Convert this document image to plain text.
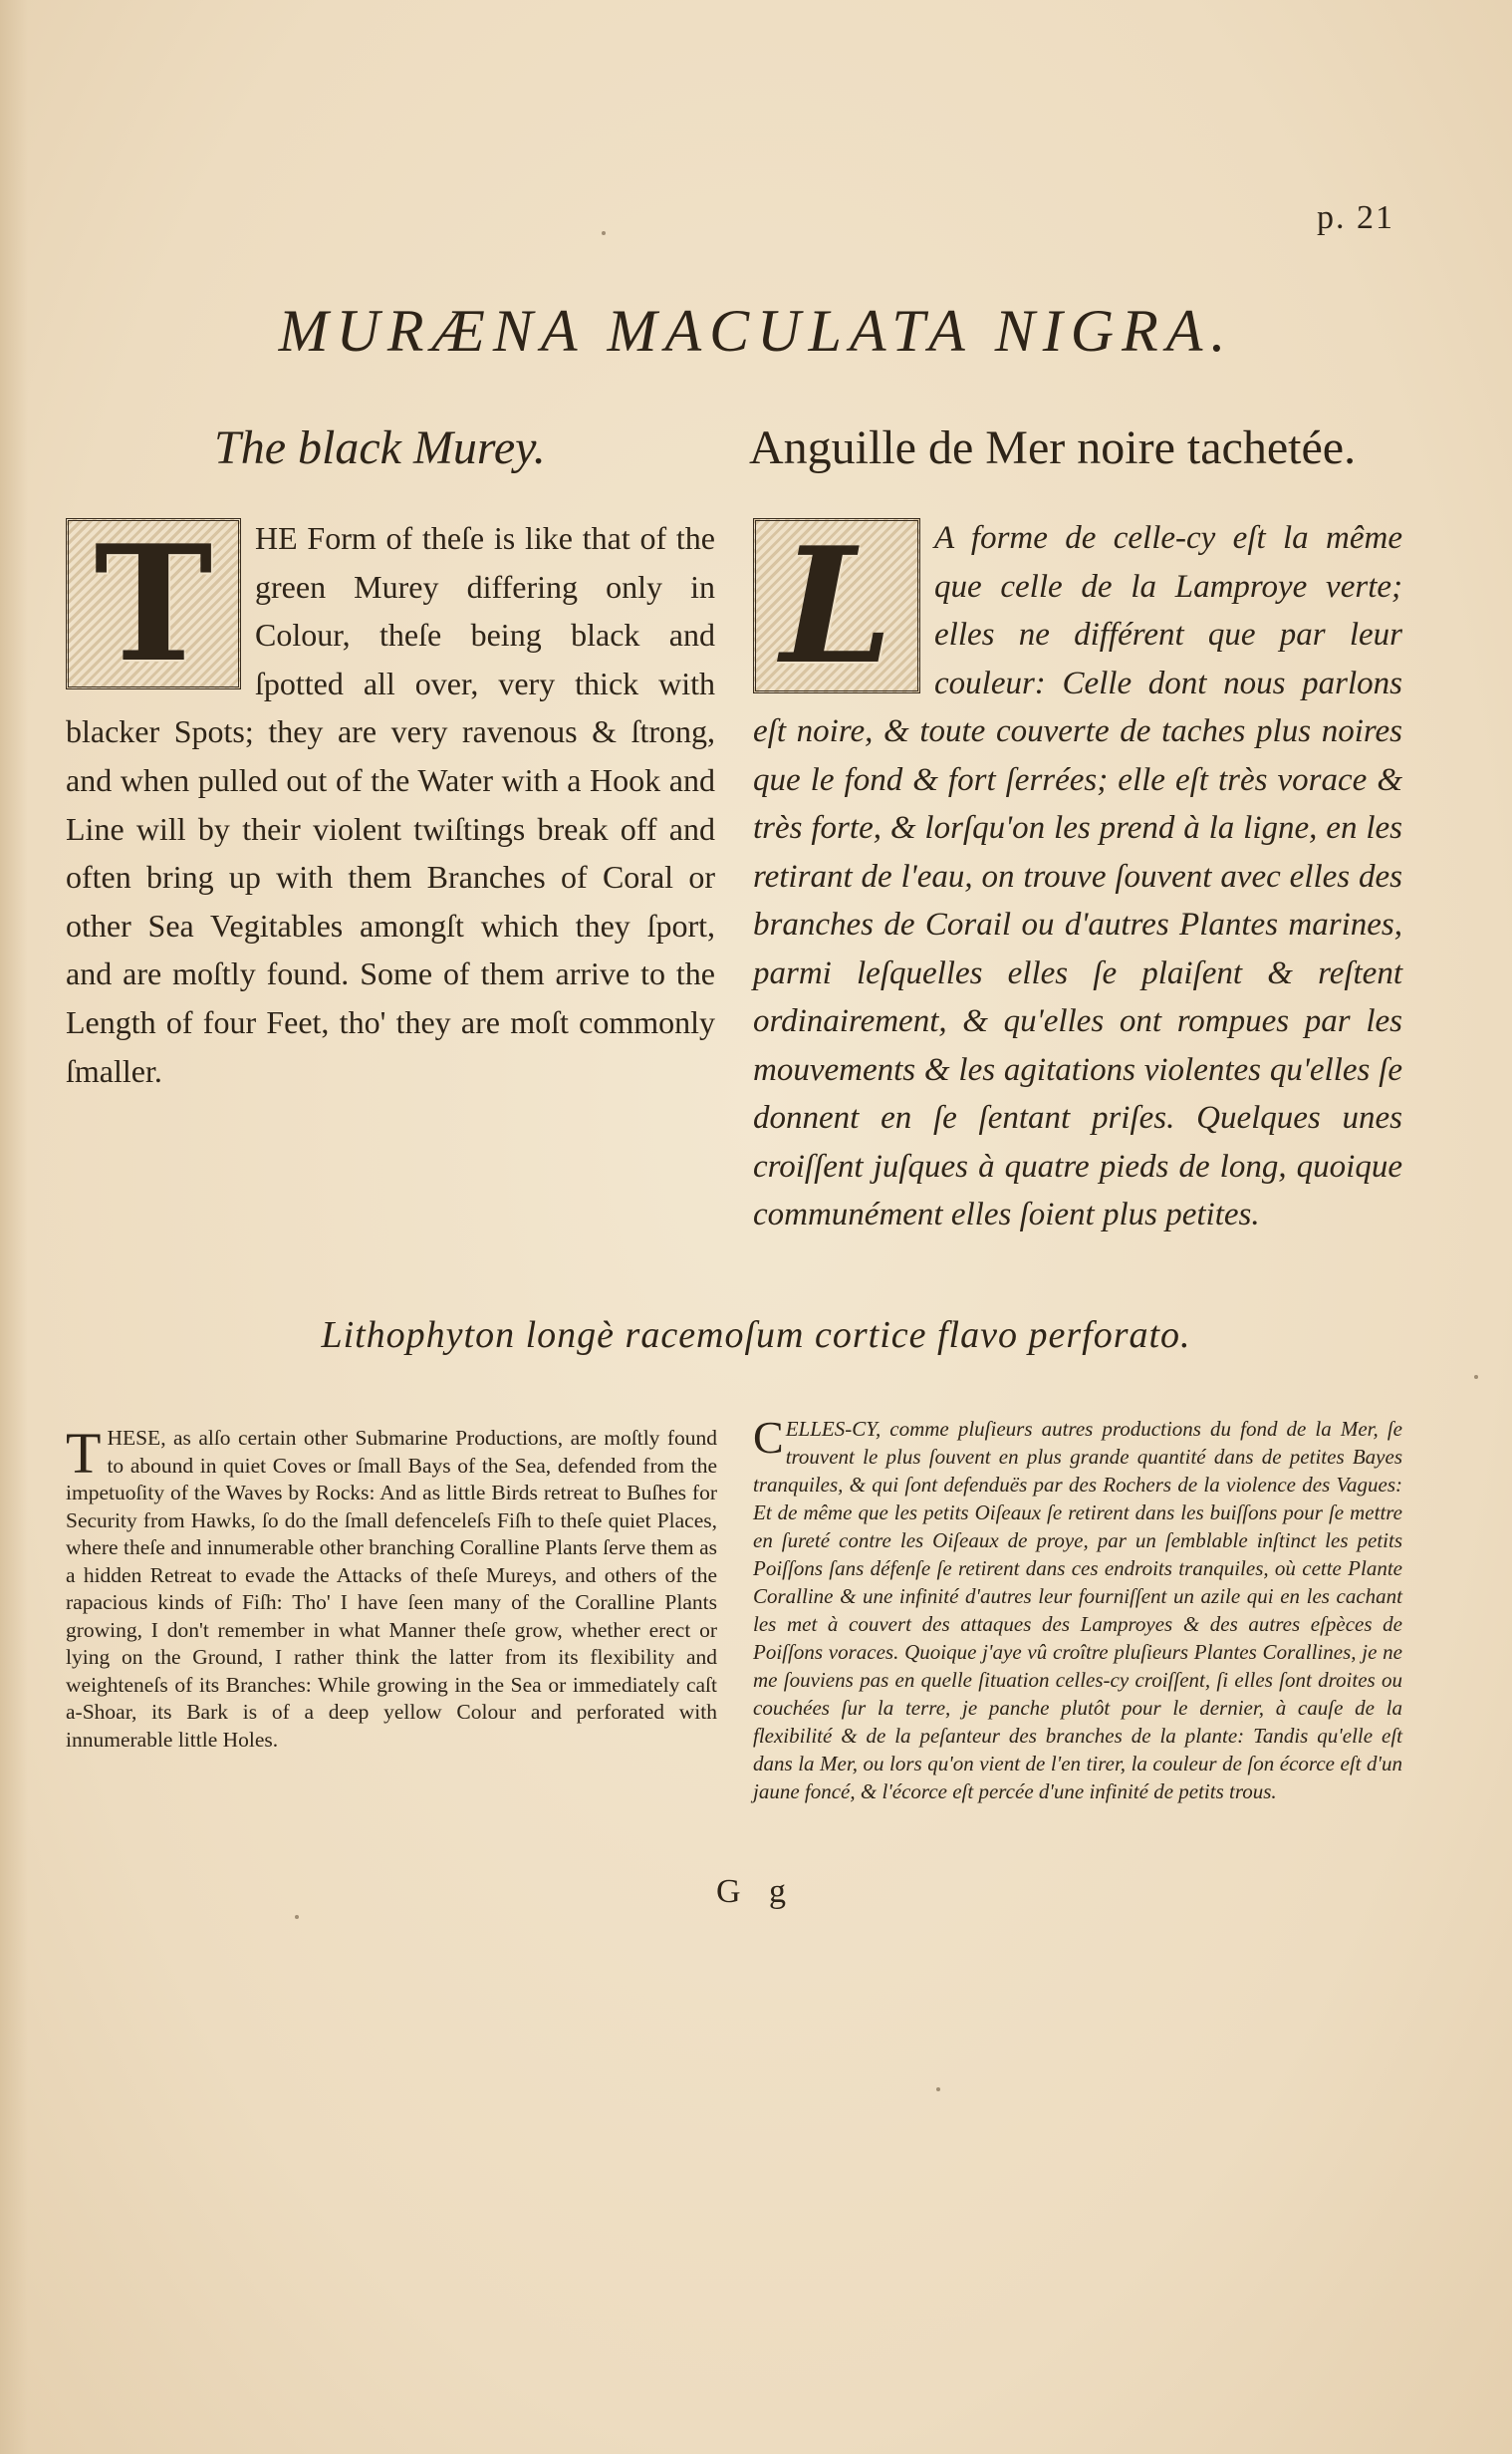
p. 21
MURÆNA MACULATA NIGRA.
The black Murey.	Anguille de Mer noire tachetée.
T	HE Form of theſe is like that of the green Murey differing only in Colour, theſe being black and ſpotted all over, very thick with blacker Spots; they are very ravenous & ſtrong, and when pulled out of the Water with a Hook and Line will by their violent twiſtings break off and often bring up with them Branches of Coral or other Sea Vegitables amongſt which they ſport, and are moſtly found. Some of them arrive to the Length of four Feet, tho' they are moſt commonly ſmaller.
L	A forme de celle-cy eſt la même que celle de la Lamproye verte; elles ne différent que par leur couleur: Celle dont nous parlons eſt noire, & toute couverte de taches plus noires que le fond & fort ſerrées; elle eſt très vorace & très forte, & lorſqu'on les prend à la ligne, en les retirant de l'eau, on trouve ſouvent avec elles des branches de Corail ou d'autres Plantes marines, parmi leſquelles elles ſe plaiſent & reſtent ordinairement, & qu'elles ont rompues par les mouvements & les agitations violentes qu'elles ſe donnent en ſe ſentant priſes. Quelques unes croiſſent juſques à quatre pieds de long, quoique communément elles ſoient plus petites.
Lithophyton longè racemoſum cortice flavo perforato.
T HESE, as alſo certain other Submarine Productions, are moſtly found to abound in quiet Coves or ſmall Bays of the Sea, defended from the impetuoſity of the Waves by Rocks: And as little Birds retreat to Buſhes for Security from Hawks, ſo do the ſmall defenceleſs Fiſh to theſe quiet Places, where theſe and innumerable other branching Coralline Plants ſerve them as a hidden Retreat to evade the Attacks of theſe Mureys, and others of the rapacious kinds of Fiſh: Tho' I have ſeen many of the Coralline Plants growing, I don't remember in what Manner theſe grow, whether erect or lying on the Ground, I rather think the latter from its flexibility and weighteneſs of its Branches: While growing in the Sea or immediately caſt a-Shoar, its Bark is of a deep yellow Colour and perforated with innumerable little Holes.
C ELLES-CY, comme pluſieurs autres productions du fond de la Mer, ſe trouvent le plus ſouvent en plus grande quantité dans de petites Bayes tranquiles, & qui ſont defenduës par des Rochers de la violence des Vagues: Et de même que les petits Oiſeaux ſe retirent dans les buiſſons pour ſe mettre en ſureté contre les Oiſeaux de proye, par un ſemblable inſtinct les petits Poiſſons ſans défenſe ſe retirent dans ces endroits tranquiles, où cette Plante Coralline & une infinité d'autres leur fourniſſent un azile qui en les cachant les met à couvert des attaques des Lamproyes & des autres eſpèces de Poiſſons voraces. Quoique j'aye vû croître pluſieurs Plantes Corallines, je ne me ſouviens pas en quelle ſituation celles-cy croiſſent, ſi elles ſont droites ou couchées ſur la terre, je panche plutôt pour le dernier, à cauſe de la flexibilité & de la peſanteur des branches de la plante: Tandis qu'elle eſt dans la Mer, ou lors qu'on vient de l'en tirer, la couleur de ſon écorce eſt d'un jaune foncé, & l'écorce eſt percée d'une infinité de petits trous.
G g
